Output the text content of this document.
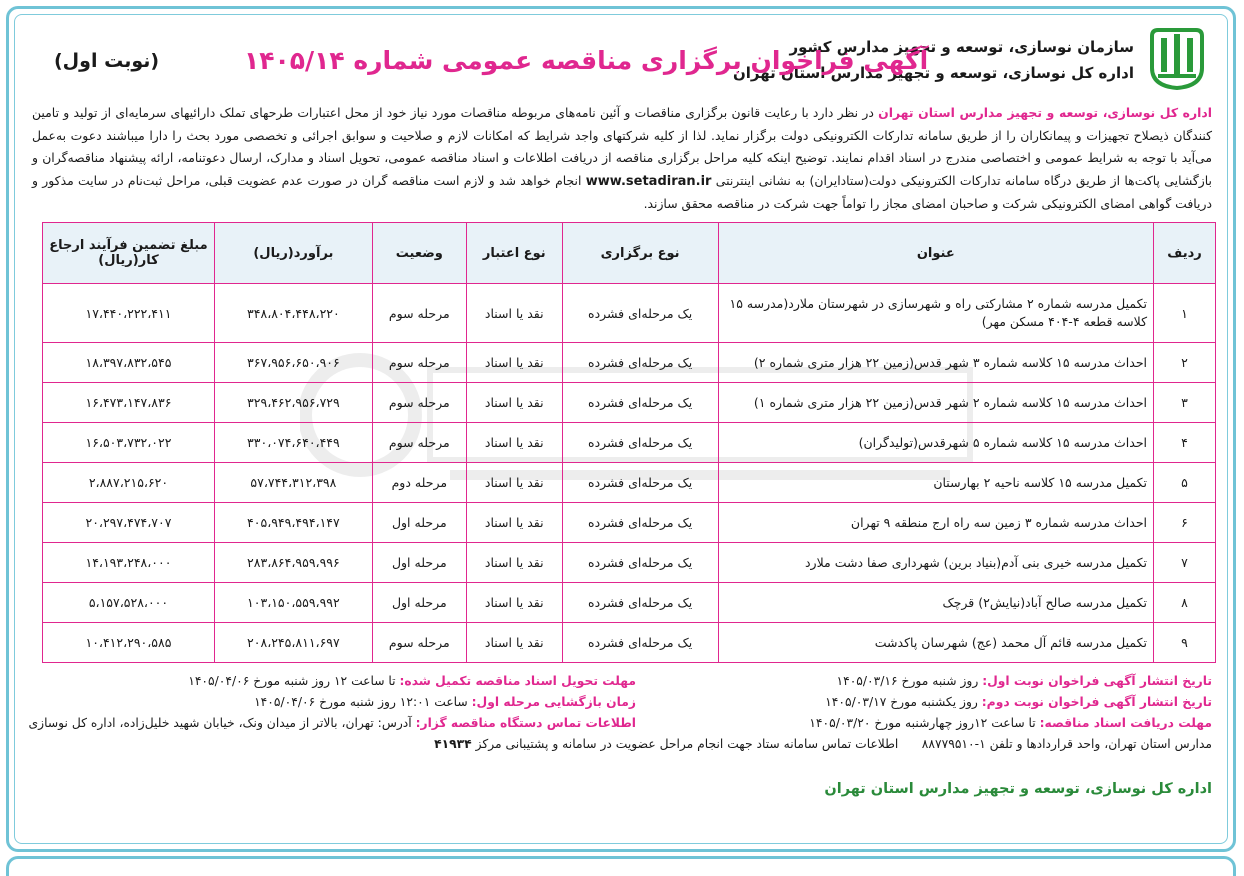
سازمان نوسازی، توسعه و تجهیز مدارس کشور
اداره کل نوسازی، توسعه و تجهیز مدارس استان تهران
آگهی فراخوان برگزاری مناقصه عمومی شماره ۱۴۰۵/۱۴
(نوبت اول)
اداره کل نوسازی، توسعه و تجهیز مدارس استان تهران در نظر دارد با رعایت قانون برگزاری مناقصات و آئین نامه‌های مربوطه مناقصات مورد نیاز خود از محل اعتبارات طرحهای تملک دارائیهای سرمایه‌ای از تولید و تامین کنندگان ذیصلاح تجهیزات و پیمانکاران را از طریق سامانه تدارکات الکترونیکی دولت برگزار نماید. لذا از کلیه شرکتهای واجد شرایط که امکانات لازم و صلاحیت و سوابق اجرائی و تخصصی مورد بحث را دارا میباشند دعوت به‌عمل می‌آید با توجه به شرایط عمومی و اختصاصی مندرج در اسناد اقدام نمایند. توضیح اینکه کلیه مراحل برگزاری مناقصه از دریافت اطلاعات و اسناد مناقصه عمومی، تحویل اسناد و مدارک، ارسال دعوتنامه، ارائه پیشنهاد مناقصه‌گران و بازگشایی پاکت‌ها از طریق درگاه سامانه تدارکات الکترونیکی دولت(ستادایران) به نشانی اینترنتی www.setadiran.ir انجام خواهد شد و لازم است مناقصه گران در صورت عدم عضویت قبلی، مراحل ثبت‌نام در سایت مذکور و دریافت گواهی امضای الکترونیکی شرکت و صاحبان امضای مجاز را تواماً جهت شرکت در مناقصه محقق سازند.
ردیف	عنوان	نوع برگزاری	نوع اعتبار	وضعیت	برآورد(ریال)	مبلغ تضمین فرآیند ارجاع کار(ریال)
۱	تکمیل مدرسه شماره ۲ مشارکتی راه و شهرسازی در شهرستان ملارد(مدرسه ۱۵ کلاسه قطعه ۴-۴۰۴ مسکن مهر)	یک مرحله‌ای فشرده	نقد یا اسناد	مرحله سوم	۳۴۸،۸۰۴،۴۴۸،۲۲۰	۱۷،۴۴۰،۲۲۲،۴۱۱
۲	احداث مدرسه ۱۵ کلاسه شماره ۳ شهر قدس(زمین ۲۲ هزار متری شماره ۲)	یک مرحله‌ای فشرده	نقد یا اسناد	مرحله سوم	۳۶۷،۹۵۶،۶۵۰،۹۰۶	۱۸،۳۹۷،۸۳۲،۵۴۵
۳	احداث مدرسه ۱۵ کلاسه شماره ۲ شهر قدس(زمین ۲۲ هزار متری شماره ۱)	یک مرحله‌ای فشرده	نقد یا اسناد	مرحله سوم	۳۲۹،۴۶۲،۹۵۶،۷۲۹	۱۶،۴۷۳،۱۴۷،۸۳۶
۴	احداث مدرسه ۱۵ کلاسه شماره ۵ شهرقدس(تولیدگران)	یک مرحله‌ای فشرده	نقد یا اسناد	مرحله سوم	۳۳۰،۰۷۴،۶۴۰،۴۴۹	۱۶،۵۰۳،۷۳۲،۰۲۲
۵	تکمیل مدرسه ۱۵ کلاسه ناحیه ۲ بهارستان	یک مرحله‌ای فشرده	نقد یا اسناد	مرحله دوم	۵۷،۷۴۴،۳۱۲،۳۹۸	۲،۸۸۷،۲۱۵،۶۲۰
۶	احداث مدرسه شماره ۳ زمین سه راه ارج منطقه ۹ تهران	یک مرحله‌ای فشرده	نقد یا اسناد	مرحله اول	۴۰۵،۹۴۹،۴۹۴،۱۴۷	۲۰،۲۹۷،۴۷۴،۷۰۷
۷	تکمیل مدرسه خیری بنی آدم(بنیاد برین) شهرداری صفا دشت ملارد	یک مرحله‌ای فشرده	نقد یا اسناد	مرحله اول	۲۸۳،۸۶۴،۹۵۹،۹۹۶	۱۴،۱۹۳،۲۴۸،۰۰۰
۸	تکمیل مدرسه صالح آباد(نیایش۲) قرچک	یک مرحله‌ای فشرده	نقد یا اسناد	مرحله اول	۱۰۳،۱۵۰،۵۵۹،۹۹۲	۵،۱۵۷،۵۲۸،۰۰۰
۹	تکمیل مدرسه قائم آل محمد (عج) شهرسان پاکدشت	یک مرحله‌ای فشرده	نقد یا اسناد	مرحله سوم	۲۰۸،۲۴۵،۸۱۱،۶۹۷	۱۰،۴۱۲،۲۹۰،۵۸۵
تاریخ انتشار آگهی فراخوان نوبت اول: روز شنبه مورخ ۱۴۰۵/۰۳/۱۶
تاریخ انتشار آگهی فراخوان نوبت دوم: روز یکشنبه مورخ ۱۴۰۵/۰۳/۱۷
مهلت دریافت اسناد مناقصه: تا ساعت ۱۲روز چهارشنبه مورخ ۱۴۰۵/۰۳/۲۰
مهلت تحویل اسناد مناقصه تکمیل شده: تا ساعت ۱۲ روز شنبه مورخ ۱۴۰۵/۰۴/۰۶
زمان بازگشایی مرحله اول: ساعت ۱۲:۰۱ روز شنبه مورخ ۱۴۰۵/۰۴/۰۶
اطلاعات تماس دستگاه مناقصه گزار: آدرس: تهران، بالاتر از میدان ونک، خیابان شهید خلیل‌زاده، اداره کل نوسازی
مدارس استان تهران، واحد قراردادها و تلفن ۱-۸۸۷۷۹۵۱۰      اطلاعات تماس سامانه ستاد جهت انجام مراحل عضویت در سامانه و پشتیبانی مرکز ۴۱۹۳۴
اداره کل نوسازی، توسعه و تجهیز مدارس استان تهران
